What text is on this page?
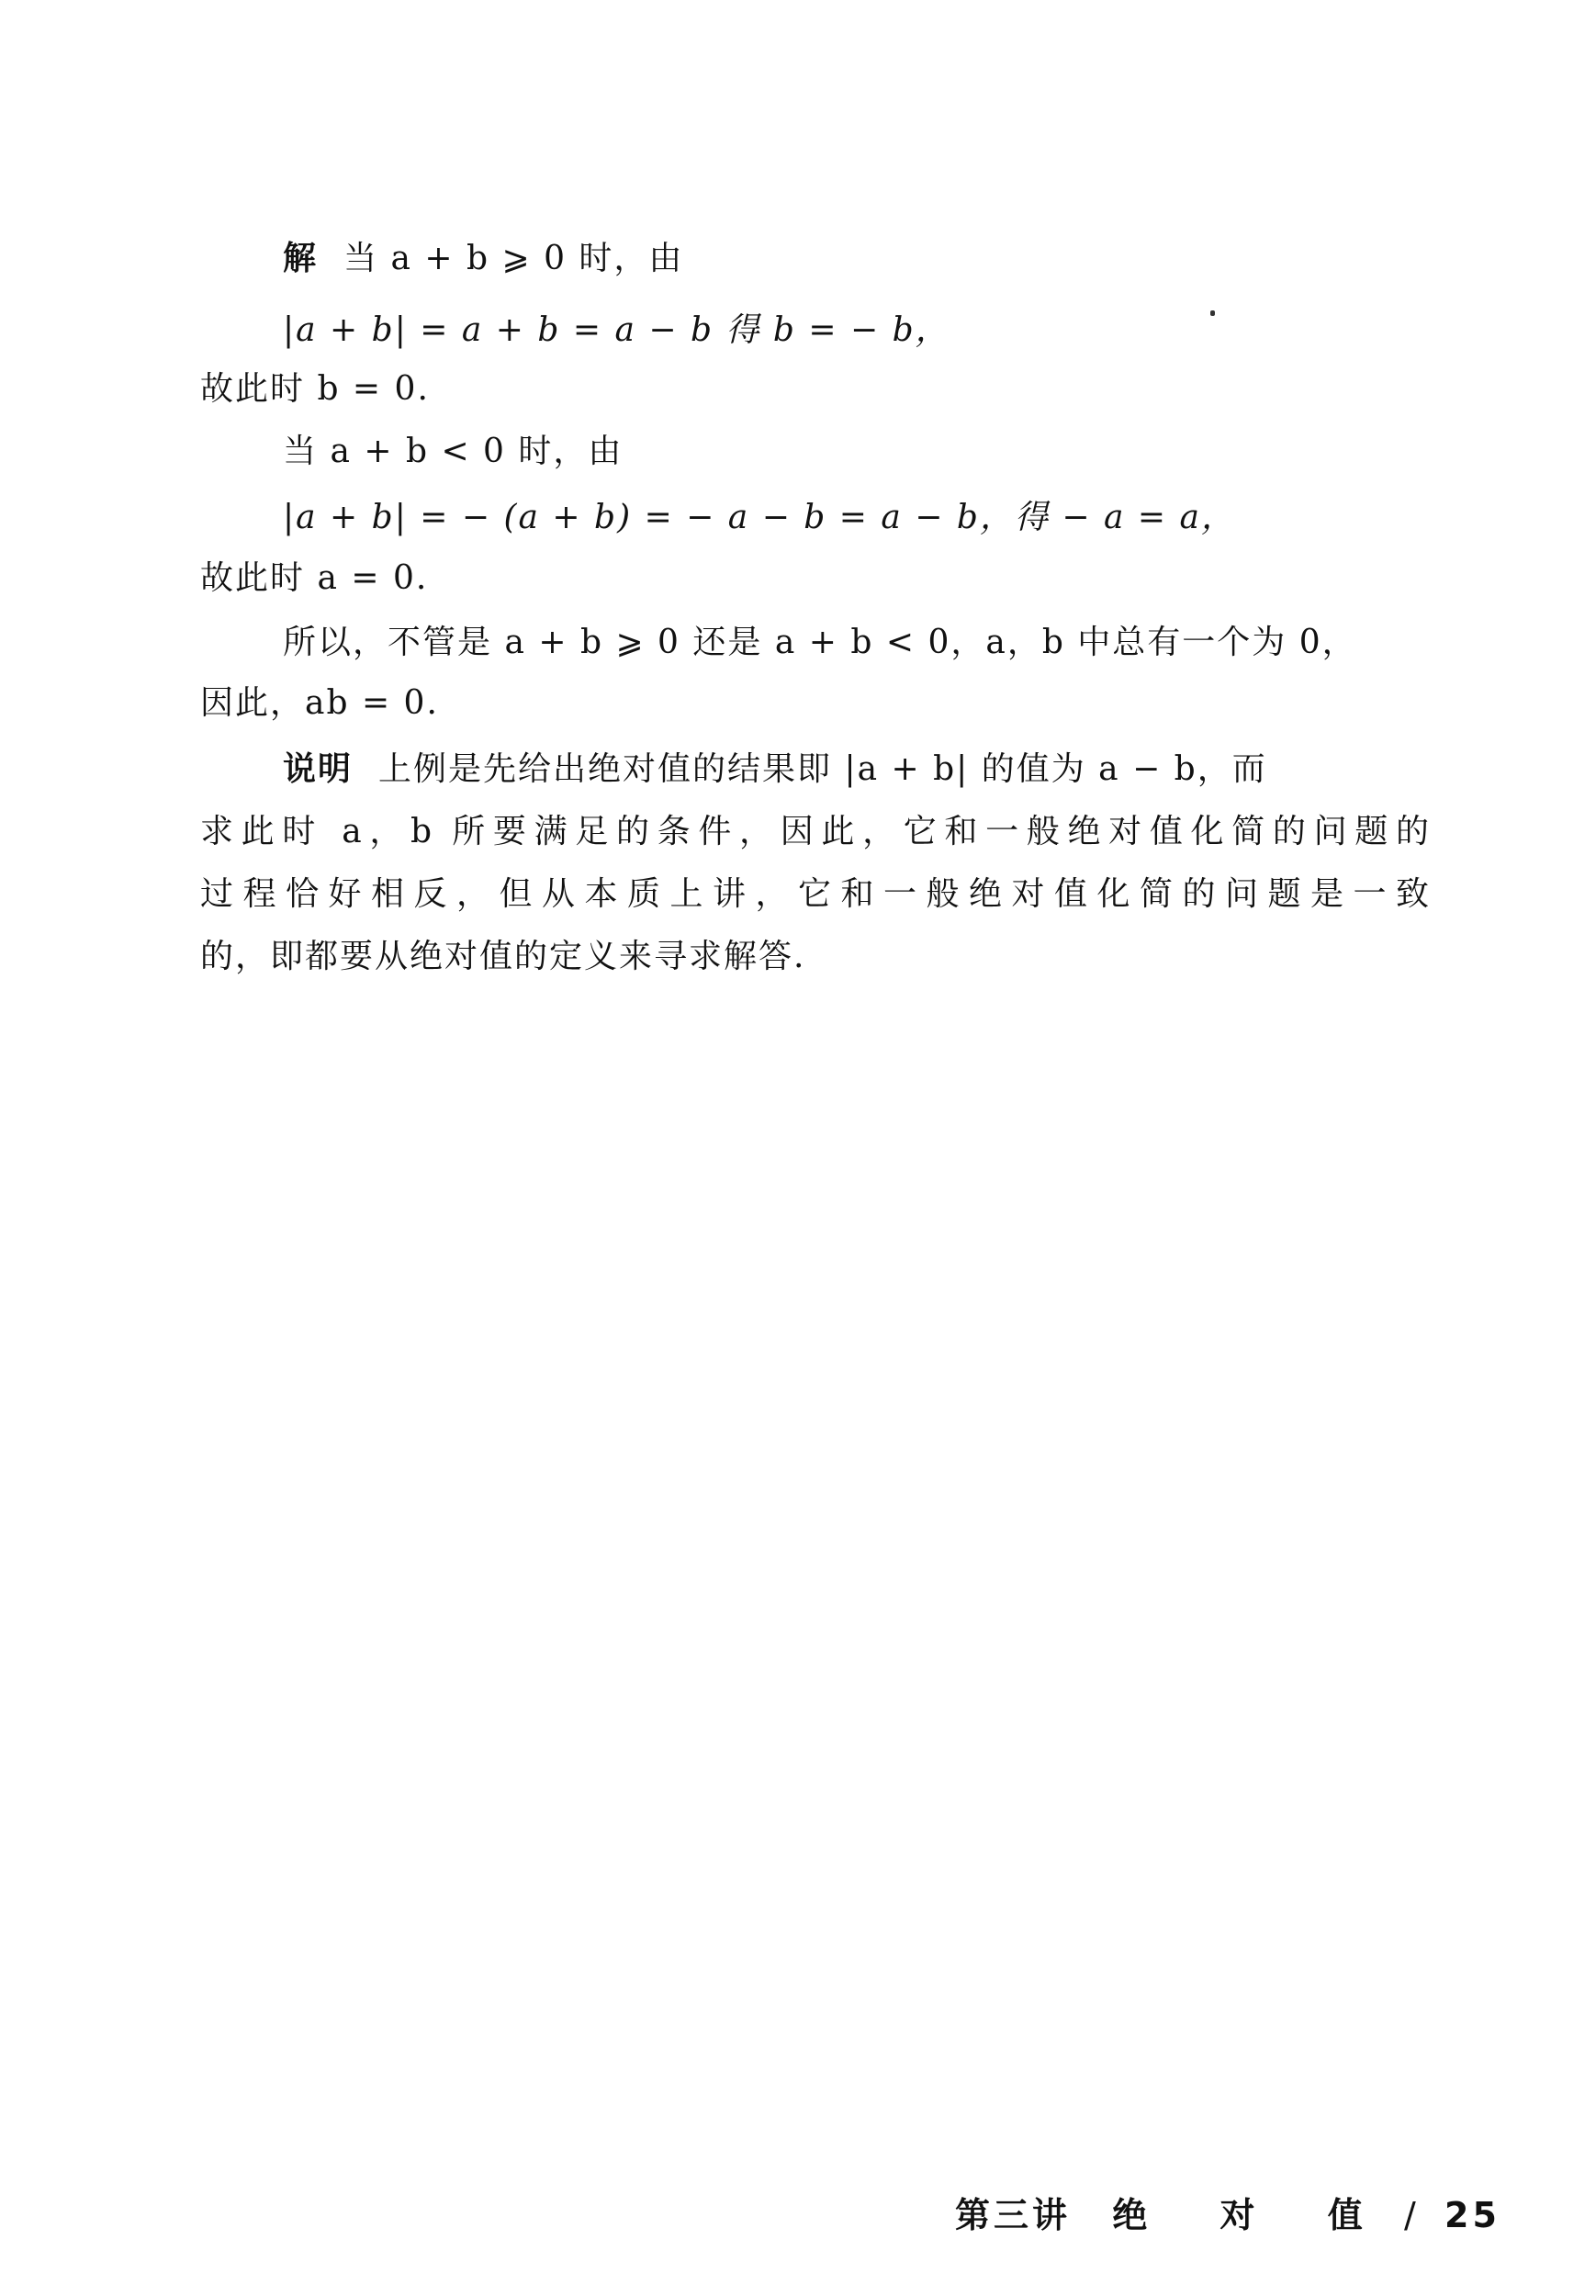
解 当 a + b ⩾ 0 时，由
|a + b| = a + b = a − b 得 b = − b，
故此时 b = 0.
当 a + b < 0 时，由
|a + b| = − (a + b) = − a − b = a − b，得 − a = a，
故此时 a = 0.
所以，不管是 a + b ⩾ 0 还是 a + b < 0，a，b 中总有一个为 0，
因此，ab = 0.
说明 上例是先给出绝对值的结果即 |a + b| 的值为 a − b，而
求此时 a，b 所要满足的条件，因此，它和一般绝对值化简的问题的
过程恰好相反，但从本质上讲，它和一般绝对值化简的问题是一致
的，即都要从绝对值的定义来寻求解答.
第三讲 绝 对 值 / 25
